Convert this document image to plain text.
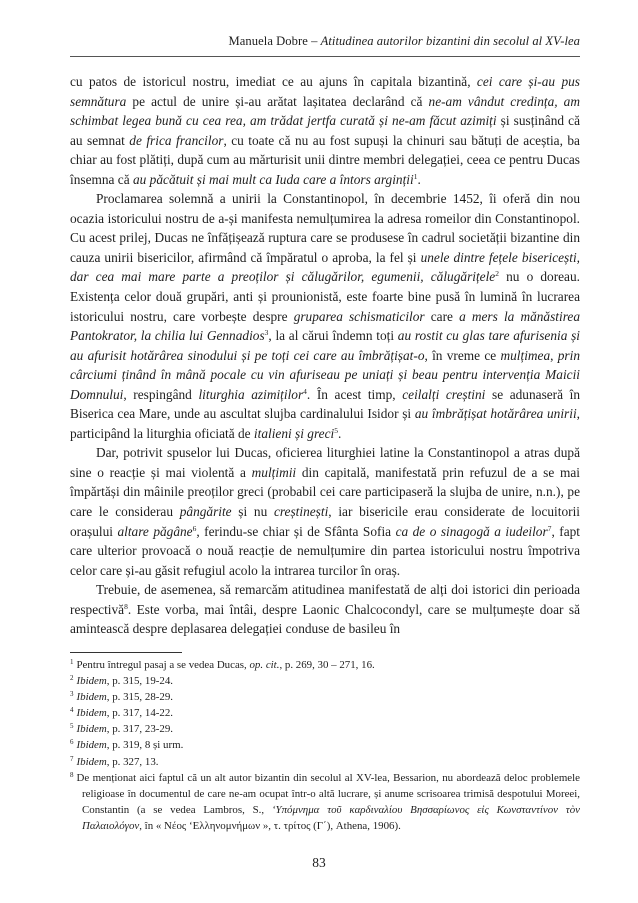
Manuela Dobre – Atitudinea autorilor bizantini din secolul al XV-lea

cu patos de istoricul nostru, imediat ce au ajuns în capitala bizantină, cei care și-au pus semnătura pe actul de unire și-au arătat lașitatea declarând că ne-am vândut credința, am schimbat legea bună cu cea rea, am trădat jertfa curată și ne-am făcut azimiți și susținând că au semnat de frica francilor, cu toate că nu au fost supuși la chinuri sau bătuți de aceștia, ba chiar au fost plătiți, după cum au mărturisit unii dintre membri delegației, ceea ce pentru Ducas însemna că au păcătuit și mai mult ca Iuda care a întors arginții$^1$.

Proclamarea solemnă a unirii la Constantinopol, în decembrie 1452, îi oferă din nou ocazia istoricului nostru de a-și manifesta nemulțumirea la adresa romeilor din Constantinopol. Cu acest prilej, Ducas ne înfățișează ruptura care se produsese în cadrul societății bizantine din cauza unirii bisericilor, afirmând că împăratul o aproba, la fel și unele dintre fețele bisericești, dar cea mai mare parte a preoților și călugărilor, egumenii, călugărițele$^2$ nu o doreau. Existența celor două grupări, anti și prounionistă, este foarte bine pusă în lumină în lucrarea istoricului nostru, care vorbește despre gruparea schismaticilor care a mers la mănăstirea Pantokrator, la chilia lui Gennadios$^3$, la al cărui îndemn toți au rostit cu glas tare afurisenia și au afurisit hotărârea sinodului și pe toți cei care au îmbrățișat-o, în vreme ce mulțimea, prin cârciumi ținând în mână pocale cu vin afuriseau pe uniați și beau pentru intervenția Maicii Domnului, respingând liturghia azimiților$^4$. În acest timp, ceilalți creștini se adunaseră în Biserica cea Mare, unde au ascultat slujba cardinalului Isidor și au îmbrățișat hotărârea unirii, participând la liturghia oficiată de italieni și greci$^5$.

Dar, potrivit spuselor lui Ducas, oficierea liturghiei latine la Constantinopol a atras după sine o reacție și mai violentă a mulțimii din capitală, manifestată prin refuzul de a se mai împărtăși din mâinile preoților greci (probabil cei care participaseră la slujba de unire, n.n.), pe care le considerau pângărite și nu creștinești, iar bisericile erau considerate de locuitorii orașului altare păgâne$^6$, ferindu-se chiar și de Sfânta Sofia ca de o sinagogă a iudeilor$^7$, fapt care ulterior provoacă o nouă reacție de nemulțumire din partea istoricului nostru împotriva celor care și-au găsit refugiul acolo la intrarea turcilor în oraș.

Trebuie, de asemenea, să remarcăm atitudinea manifestată de alți doi istorici din perioada respectivă$^8$. Este vorba, mai întâi, despre Laonic Chalcocondyl, care se mulțumește doar să amintească despre deplasarea delegației conduse de basileu în

$^1$ Pentru întregul pasaj a se vedea Ducas, op. cit., p. 269, 30 – 271, 16.
$^2$ Ibidem, p. 315, 19-24.
$^3$ Ibidem, p. 315, 28-29.
$^4$ Ibidem, p. 317, 14-22.
$^5$ Ibidem, p. 317, 23-29.
$^6$ Ibidem, p. 319, 8 și urm.
$^7$ Ibidem, p. 327, 13.
$^8$ De menționat aici faptul că un alt autor bizantin din secolul al XV-lea, Bessarion, nu abordează deloc problemele religioase în documentul de care ne-am ocupat într-o altă lucrare, și anume scrisoarea trimisă despotului Moreei, Constantin (a se vedea Lambros, S., ‘Υπόμνημα τοῦ καρδιναλίου Βησσαρίωνος εἰς Κωνσταντίνον τὸν Παλαιολόγον, în « Νέος ‘Ελληνομνήμων », τ. τρίτος (Γ΄), Athena, 1906).
83
